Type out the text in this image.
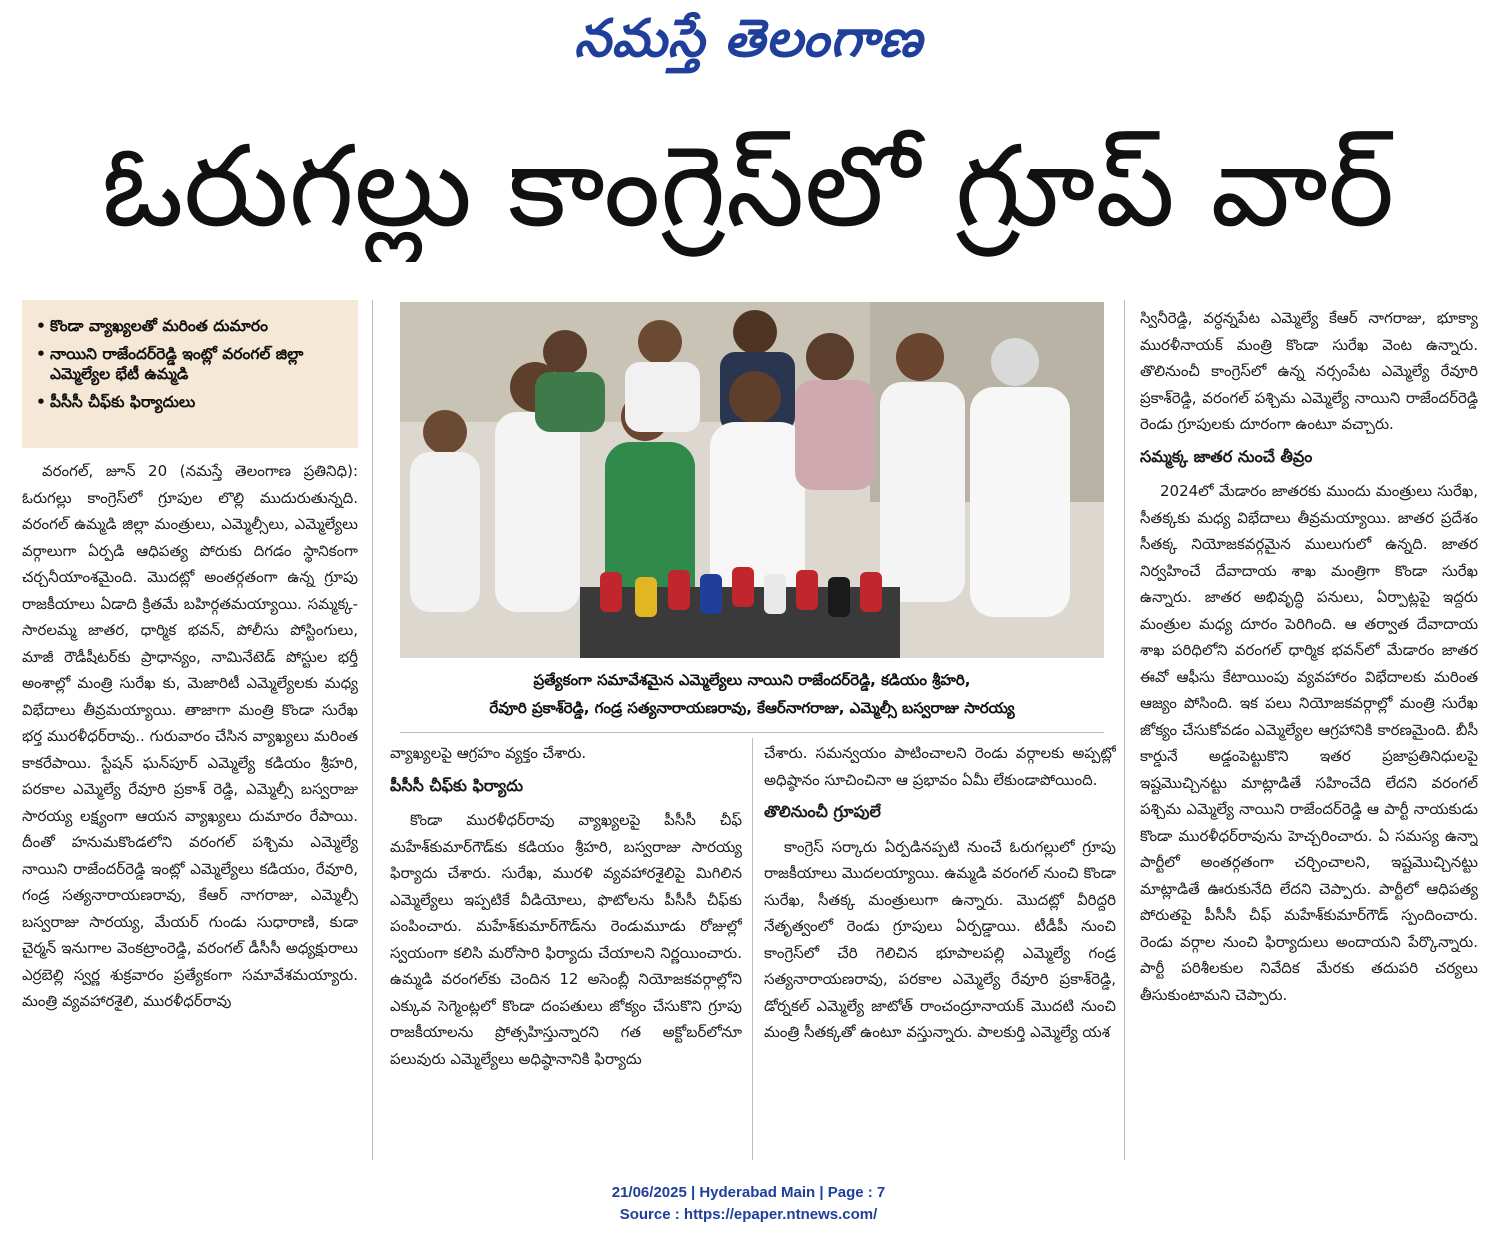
నమస్తే తెలంగాణ
ఓరుగల్లు కాంగ్రెస్‌లో గ్రూప్ వార్
• కొండా వ్యాఖ్యలతో మరింత దుమారం
• నాయిని రాజేందర్‌రెడ్డి ఇంట్లో వరంగల్ జిల్లా ఎమ్మెల్యేల భేటీ ఉమ్మడి
• పీసీసీ చీఫ్‌కు ఫిర్యాదులు

వరంగల్, జూన్ 20 (నమస్తే తెలంగాణ ప్రతినిధి): ఓరుగల్లు కాంగ్రెస్‌లో గ్రూపుల లొల్లి ముదురుతున్నది. వరంగల్ ఉమ్మడి జిల్లా మంత్రులు, ఎమ్మెల్సీలు, ఎమ్మెల్యేలు వర్గాలుగా ఏర్పడి ఆధిపత్య పోరుకు దిగడం స్థానికంగా చర్చనీయాంశమైంది. మొదట్లో అంతర్గతంగా ఉన్న గ్రూపు రాజకీయాలు ఏడాది క్రితమే బహిర్గతమయ్యాయి. సమ్మక్క-సారలమ్మ జాతర, ధార్మిక భవన్, పోలీసు పోస్టింగులు, మాజీ రౌడీషీటర్‌కు ప్రాధాన్యం, నామినేటెడ్ పోస్టుల భర్తీ అంశాల్లో మంత్రి సురేఖ కు, మెజారిటీ ఎమ్మెల్యేలకు మధ్య విభేదాలు తీవ్రమయ్యాయి. తాజాగా మంత్రి కొండా సురేఖ భర్త మురళీధర్‌రావు.. గురువారం చేసిన వ్యాఖ్యలు మరింత కాకరేపాయి. స్టేషన్ ఘన్‌పూర్ ఎమ్మెల్యే కడియం శ్రీహరి, పరకాల ఎమ్మెల్యే రేవూరి ప్రకాశ్ రెడ్డి, ఎమ్మెల్సీ బస్వరాజు సారయ్య లక్ష్యంగా ఆయన వ్యాఖ్యలు దుమారం రేపాయి. దీంతో హనుమకొండలోని వరంగల్ పశ్చిమ ఎమ్మెల్యే నాయిని రాజేందర్‌రెడ్డి ఇంట్లో ఎమ్మెల్యేలు కడియం, రేవూరి, గండ్ర సత్యనారాయణరావు, కేఆర్ నాగరాజు, ఎమ్మెల్సీ బస్వరాజు సారయ్య, మేయర్ గుండు సుధారాణి, కుడా చైర్మన్ ఇనుగాల వెంకట్రాంరెడ్డి, వరంగల్ డీసీసీ అధ్యక్షురాలు ఎర్రబెల్లి స్వర్ణ శుక్రవారం ప్రత్యేకంగా సమావేశమయ్యారు. మంత్రి వ్యవహారశైలి, మురళీధర్‌రావు

ప్రత్యేకంగా సమావేశమైన ఎమ్మెల్యేలు నాయిని రాజేందర్‌రెడ్డి, కడియం శ్రీహరి,
రేవూరి ప్రకాశ్‌రెడ్డి, గండ్ర సత్యనారాయణరావు, కేఆర్‌నాగరాజు, ఎమ్మెల్సీ బస్వరాజు సారయ్య

వ్యాఖ్యలపై ఆగ్రహం వ్యక్తం చేశారు.

పీసీసీ చీఫ్‌కు ఫిర్యాదు

కొండా మురళీధర్‌రావు వ్యాఖ్యలపై పీసీసీ చీఫ్ మహేశ్‌కుమార్‌గౌడ్‌కు కడియం శ్రీహరి, బస్వరాజు సారయ్య ఫిర్యాదు చేశారు. సురేఖ, మురళి వ్యవహారశైలిపై మిగిలిన ఎమ్మెల్యేలు ఇప్పటికే వీడియోలు, ఫొటోలను పీసీసీ చీఫ్‌కు పంపించారు. మహేశ్‌కుమార్‌గౌడ్‌ను రెండుమూడు రోజుల్లో స్వయంగా కలిసి మరోసారి ఫిర్యాదు చేయాలని నిర్ణయించారు. ఉమ్మడి వరంగల్‌కు చెందిన 12 అసెంబ్లీ నియోజకవర్గాల్లోని ఎక్కువ సెగ్మెంట్లలో కొండా దంపతులు జోక్యం చేసుకొని గ్రూపు రాజకీయాలను ప్రోత్సహిస్తున్నారని గత అక్టోబర్‌లోనూ పలువురు ఎమ్మెల్యేలు అధిష్ఠానానికి ఫిర్యాదు

చేశారు. సమన్వయం పాటించాలని రెండు వర్గాలకు అప్పట్లో అధిష్ఠానం సూచించినా ఆ ప్రభావం ఏమీ లేకుండాపోయింది.

తొలినుంచీ గ్రూపులే

కాంగ్రెస్ సర్కారు ఏర్పడినప్పటి నుంచే ఓరుగల్లులో గ్రూపు రాజకీయాలు మొదలయ్యాయి. ఉమ్మడి వరంగల్ నుంచి కొండా సురేఖ, సీతక్క మంత్రులుగా ఉన్నారు. మొదట్లో వీరిద్దరి నేతృత్వంలో రెండు గ్రూపులు ఏర్పడ్డాయి. టీడీపీ నుంచి కాంగ్రెస్‌లో చేరి గెలిచిన భూపాలపల్లి ఎమ్మెల్యే గండ్ర సత్యనారాయణరావు, పరకాల ఎమ్మెల్యే రేవూరి ప్రకాశ్‌రెడ్డి, డోర్నకల్ ఎమ్మెల్యే జాటోత్ రాంచంద్రూనాయక్ మొదటి నుంచి మంత్రి సీతక్కతో ఉంటూ వస్తున్నారు. పాలకుర్తి ఎమ్మెల్యే యశ

స్వినీరెడ్డి, వర్ధన్నపేట ఎమ్మెల్యే కేఆర్ నాగరాజు, భూక్యా మురళీనాయక్ మంత్రి కొండా సురేఖ వెంట ఉన్నారు. తొలినుంచీ కాంగ్రెస్‌లో ఉన్న నర్సంపేట ఎమ్మెల్యే రేవూరి ప్రకాశ్‌రెడ్డి, వరంగల్ పశ్చిమ ఎమ్మెల్యే నాయిని రాజేందర్‌రెడ్డి రెండు గ్రూపులకు దూరంగా ఉంటూ వచ్చారు.

సమ్మక్క జాతర నుంచే తీవ్రం

2024లో మేడారం జాతరకు ముందు మంత్రులు సురేఖ, సీతక్కకు మధ్య విభేదాలు తీవ్రమయ్యాయి. జాతర ప్రదేశం సీతక్క నియోజకవర్గమైన ములుగులో ఉన్నది. జాతర నిర్వహించే దేవాదాయ శాఖ మంత్రిగా కొండా సురేఖ ఉన్నారు. జాతర అభివృద్ధి పనులు, ఏర్పాట్లపై ఇద్దరు మంత్రుల మధ్య దూరం పెరిగింది. ఆ తర్వాత దేవాదాయ శాఖ పరిధిలోని వరంగల్ ధార్మిక భవన్‌లో మేడారం జాతర ఈవో ఆఫీసు కేటాయింపు వ్యవహారం విభేదాలకు మరింత ఆజ్యం పోసింది. ఇక పలు నియోజకవర్గాల్లో మంత్రి సురేఖ జోక్యం చేసుకోవడం ఎమ్మెల్యేల ఆగ్రహానికి కారణమైంది. బీసీ కార్డునే అడ్డంపెట్టుకొని ఇతర ప్రజాప్రతినిధులపై ఇష్టమొచ్చినట్టు మాట్లాడితే సహించేది లేదని వరంగల్ పశ్చిమ ఎమ్మెల్యే నాయిని రాజేందర్‌రెడ్డి ఆ పార్టీ నాయకుడు కొండా మురళీధర్‌రావును హెచ్చరించారు. ఏ సమస్య ఉన్నా పార్టీలో అంతర్గతంగా చర్చించాలని, ఇష్టమొచ్చినట్టు మాట్లాడితే ఊరుకునేది లేదని చెప్పారు. పార్టీలో ఆధిపత్య పోరుతపై పీసీసీ చీఫ్ మహేశ్‌కుమార్‌గౌడ్ స్పందించారు. రెండు వర్గాల నుంచి ఫిర్యాదులు అందాయని పేర్కొన్నారు. పార్టీ పరిశీలకుల నివేదిక మేరకు తదుపరి చర్యలు తీసుకుంటామని చెప్పారు.

21/06/2025 | Hyderabad Main | Page : 7
Source : https://epaper.ntnews.com/
